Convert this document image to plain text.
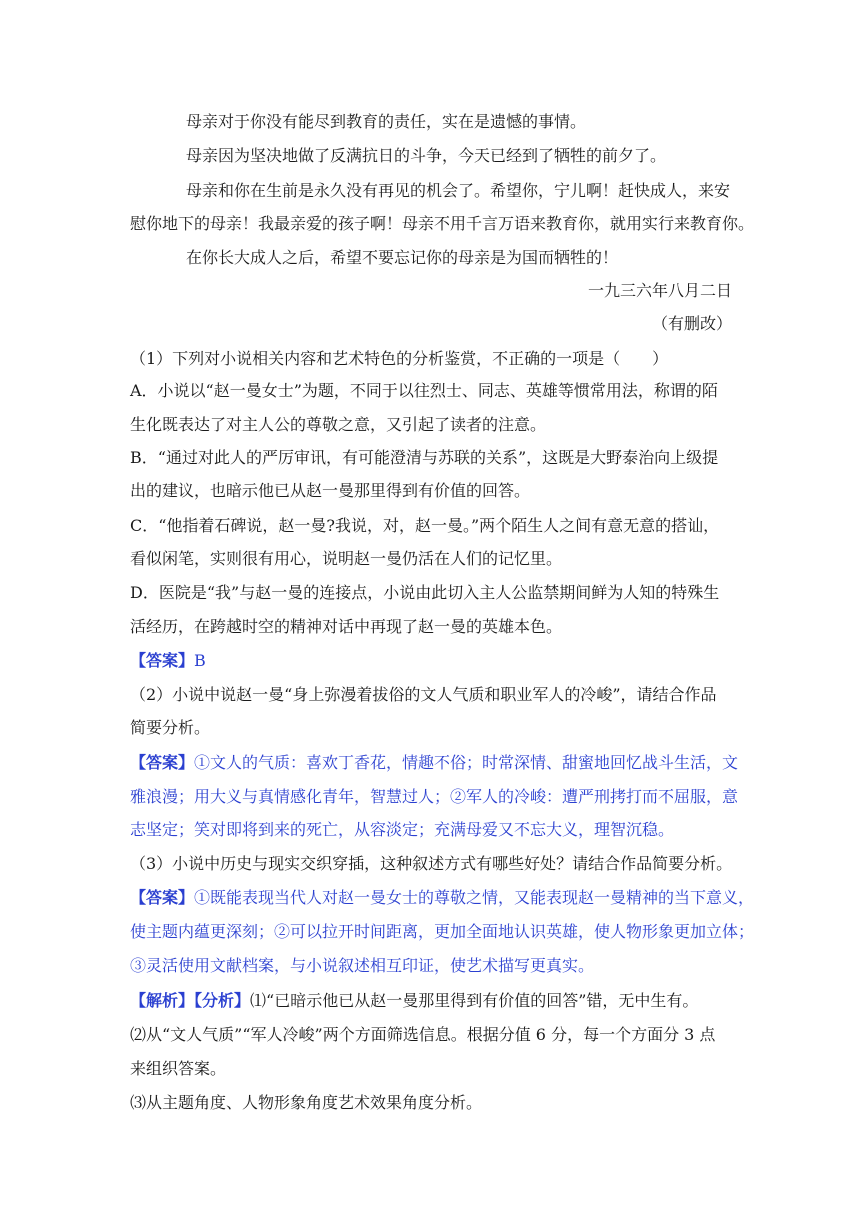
母亲对于你没有能尽到教育的责任，实在是遗憾的事情。
母亲因为坚决地做了反满抗日的斗争，今天已经到了牺牲的前夕了。
母亲和你在生前是永久没有再见的机会了。希望你，宁儿啊！赶快成人，来安
慰你地下的母亲！我最亲爱的孩子啊！母亲不用千言万语来教育你，就用实行来教育你。
在你长大成人之后，希望不要忘记你的母亲是为国而牺牲的！
一九三六年八月二日
（有删改）
（1）下列对小说相关内容和艺术特色的分析鉴赏，不正确的一项是（　　）
A．小说以“赵一曼女士”为题，不同于以往烈士、同志、英雄等惯常用法，称谓的陌
生化既表达了对主人公的尊敬之意，又引起了读者的注意。
B．“通过对此人的严厉审讯，有可能澄清与苏联的关系”，这既是大野泰治向上级提
出的建议，也暗示他已从赵一曼那里得到有价值的回答。
C．“他指着石碑说，赵一曼?我说，对，赵一曼。”两个陌生人之间有意无意的搭讪，
看似闲笔，实则很有用心，说明赵一曼仍活在人们的记忆里。
D．医院是“我”与赵一曼的连接点，小说由此切入主人公监禁期间鲜为人知的特殊生
活经历，在跨越时空的精神对话中再现了赵一曼的英雄本色。
【答案】B
（2）小说中说赵一曼“身上弥漫着拔俗的文人气质和职业军人的冷峻”，请结合作品
简要分析。
【答案】①文人的气质：喜欢丁香花，情趣不俗；时常深情、甜蜜地回忆战斗生活，文
雅浪漫；用大义与真情感化青年，智慧过人；②军人的冷峻：遭严刑拷打而不屈服，意
志坚定；笑对即将到来的死亡，从容淡定；充满母爱又不忘大义，理智沉稳。
（3）小说中历史与现实交织穿插，这种叙述方式有哪些好处？请结合作品简要分析。
【答案】①既能表现当代人对赵一曼女士的尊敬之情，又能表现赵一曼精神的当下意义，
使主题内蕴更深刻；②可以拉开时间距离，更加全面地认识英雄，使人物形象更加立体；
③灵活使用文献档案，与小说叙述相互印证，使艺术描写更真实。
【解析】【分析】⑴“已暗示他已从赵一曼那里得到有价值的回答”错，无中生有。
⑵从“文人气质”“军人冷峻”两个方面筛选信息。根据分值 6 分，每一个方面分 3 点
来组织答案。
⑶从主题角度、人物形象角度艺术效果角度分析。
